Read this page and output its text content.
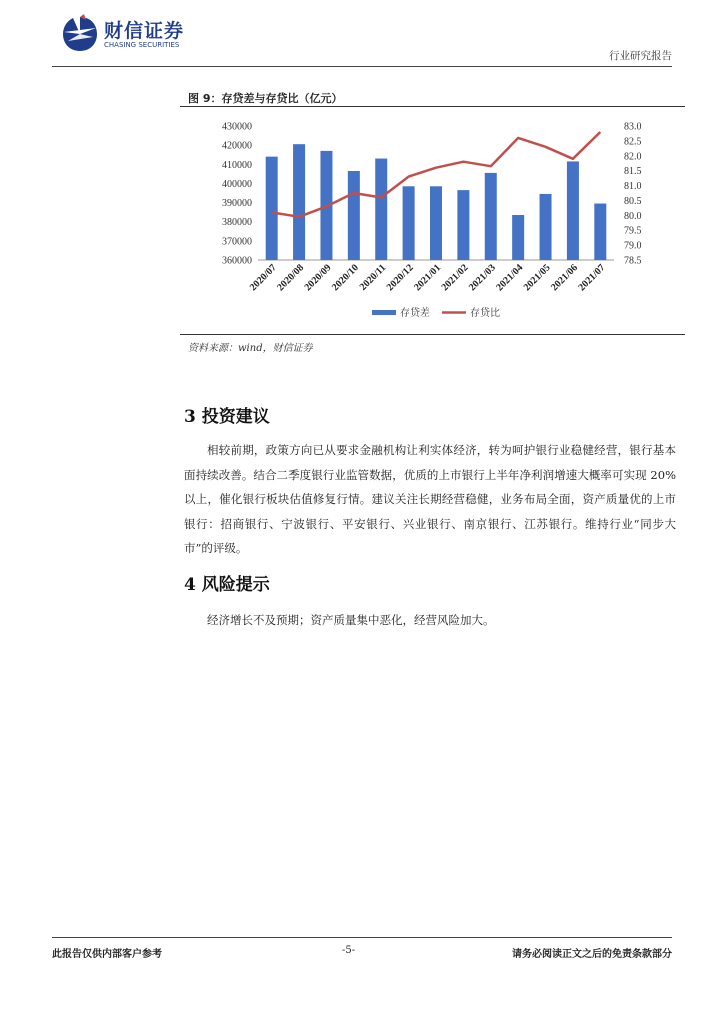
财信证券
CHASING SECURITIES
行业研究报告
图 9：存贷差与存贷比（亿元）
430000
420000
410000
400000
390000
380000
370000
360000
83.0
82.5
82.0
81.5
81.0
80.5
80.0
79.5
79.0
78.5
2020/07
2020/08
2020/09
2020/10
2020/11
2020/12
2021/01
2021/02
2021/03
2021/04
2021/05
2021/06
2021/07
存贷差	存贷比
资料来源：wind，财信证券
3 投资建议

相较前期，政策方向已从要求金融机构让利实体经济，转为呵护银行业稳健经营，银行基本面持续改善。结合二季度银行业监管数据，优质的上市银行上半年净利润增速大概率可实现 20%以上，催化银行板块估值修复行情。建议关注长期经营稳健，业务布局全面，资产质量优的上市银行：招商银行、宁波银行、平安银行、兴业银行、南京银行、江苏银行。维持行业“同步大市”的评级。

4 风险提示

经济增长不及预期；资产质量集中恶化，经营风险加大。

此报告仅供内部客户参考	-5-	请务必阅读正文之后的免责条款部分
